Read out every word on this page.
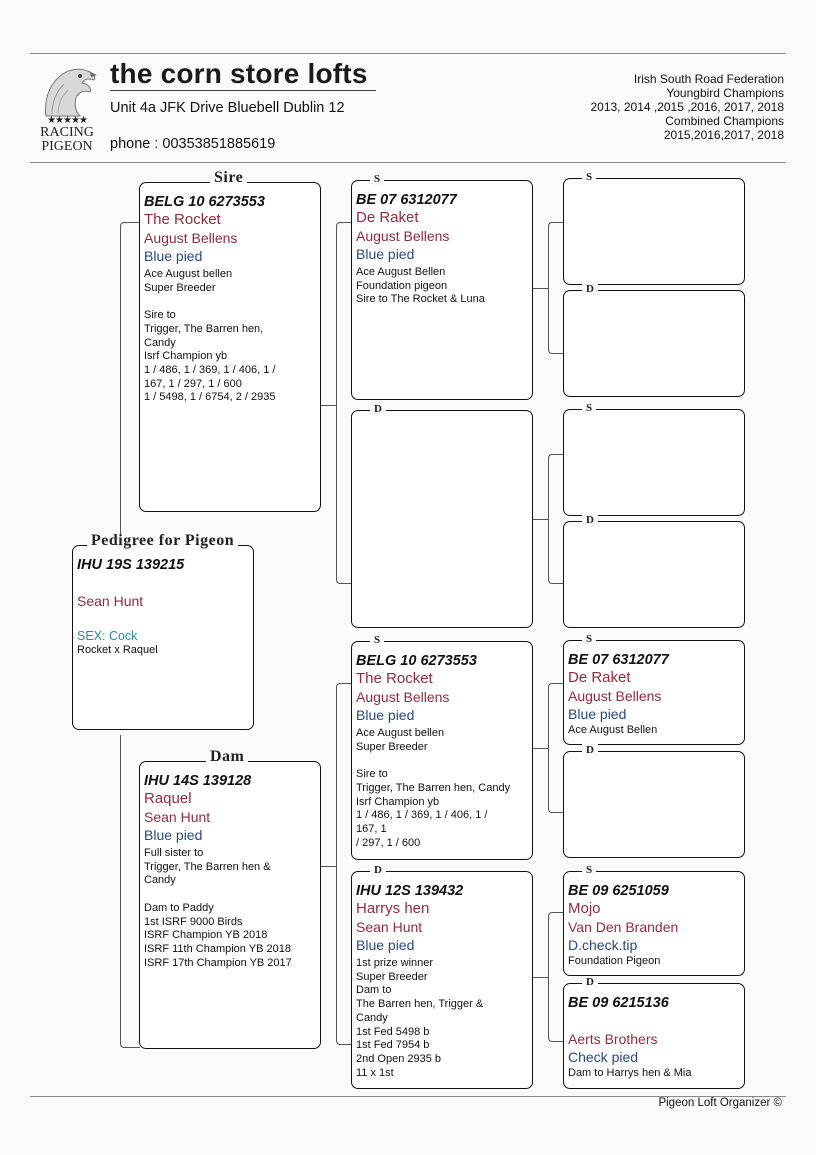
★★★★★
RACING
PIGEON
the corn store lofts
Unit 4a JFK Drive Bluebell Dublin 12
phone : 00353851885619
Irish South Road Federation
Youngbird Champions
2013, 2014 ,2015 ,2016, 2017, 2018
Combined Champions
2015,2016,2017, 2018
Pedigree for Pigeon
IHU 19S 139215
Sean Hunt
SEX: Cock
Rocket x Raquel
Sire
BELG 10 6273553
The Rocket
August Bellens
Blue pied
Ace August bellen
Super Breeder

Sire to
Trigger, The Barren hen,
Candy
Isrf Champion yb
1 / 486, 1 / 369, 1 / 406, 1 /
167, 1 / 297, 1 / 600
1 / 5498, 1 / 6754, 2 / 2935
Dam
IHU 14S 139128
Raquel
Sean Hunt
Blue pied
Full sister to
Trigger, The Barren hen &
Candy

Dam to Paddy
1st ISRF 9000 Birds
ISRF Champion YB 2018
ISRF 11th Champion YB 2018
ISRF 17th Champion YB 2017
S
BE 07 6312077
De Raket
August Bellens
Blue pied
Ace August Bellen
Foundation pigeon
Sire to The Rocket & Luna
D
S
BELG 10 6273553
The Rocket
August Bellens
Blue pied
Ace August bellen
Super Breeder

Sire to
Trigger, The Barren hen, Candy
Isrf Champion yb
1 / 486, 1 / 369, 1 / 406, 1 /
167, 1
/ 297, 1 / 600
D
IHU 12S 139432
Harrys hen
Sean Hunt
Blue pied
1st prize winner
Super Breeder
Dam to
The Barren hen, Trigger &
Candy
1st Fed 5498 b
1st Fed 7954 b
2nd Open 2935 b
11 x 1st
S
D
S
D
S
BE 07 6312077
De Raket
August Bellens
Blue pied
Ace August Bellen
D
S
BE 09 6251059
Mojo
Van Den Branden
D.check.tip
Foundation Pigeon
D
BE 09 6215136
Aerts Brothers
Check pied
Dam to Harrys hen & Mia
Pigeon Loft Organizer ©
